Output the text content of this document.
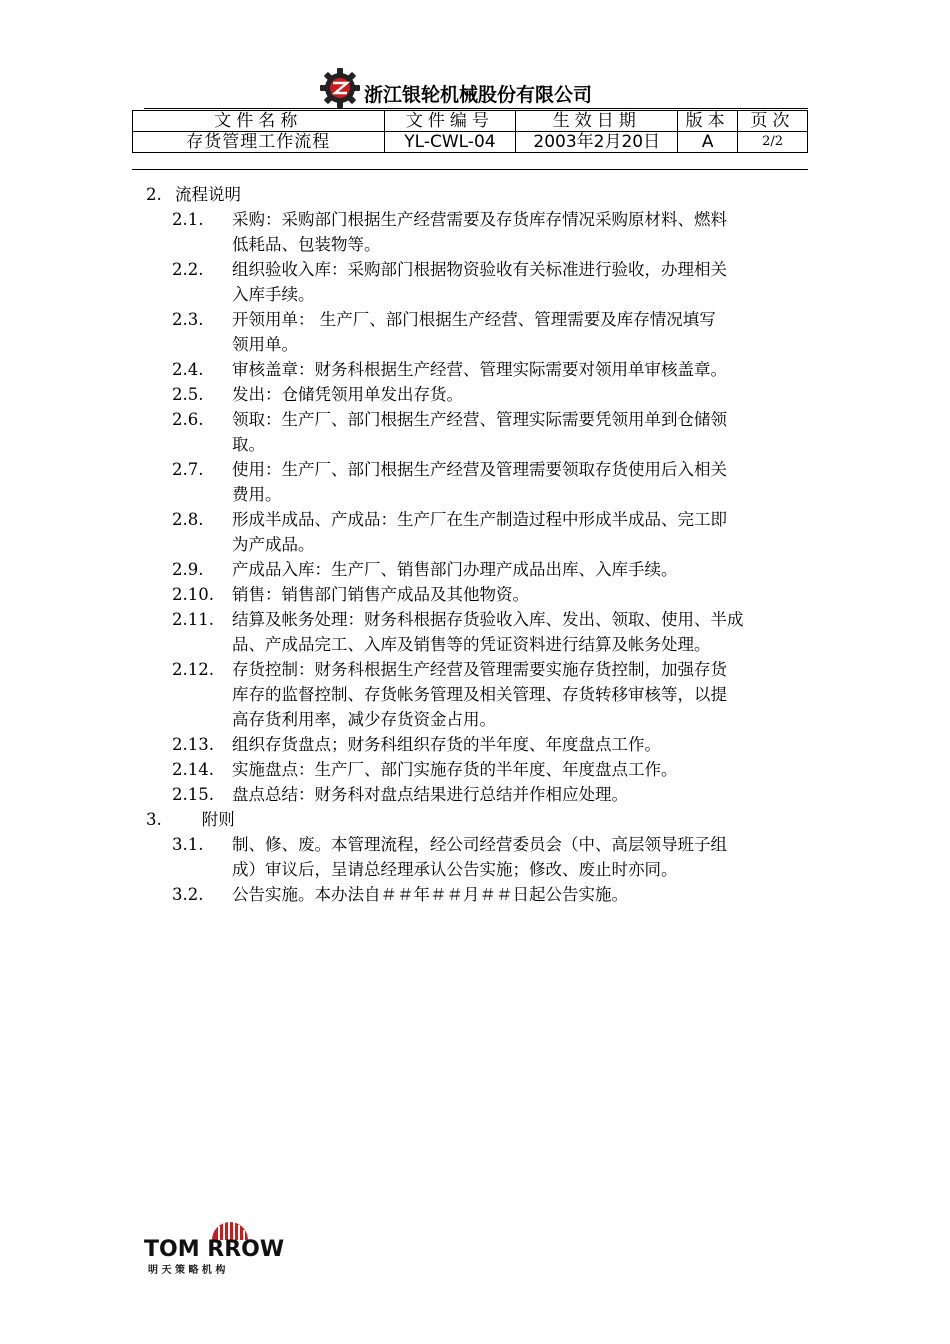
浙江银轮机械股份有限公司
文件名称	文件编号	生效日期	版本	页次
存货管理工作流程	YL-CWL-04	2003年2月20日	A	2/2
2. 流程说明
2.1. 采购：采购部门根据生产经营需要及存货库存情况采购原材料、燃料
低耗品、包装物等。
2.2. 组织验收入库：采购部门根据物资验收有关标准进行验收，办理相关
入库手续。
2.3. 开领用单： 生产厂、部门根据生产经营、管理需要及库存情况填写
领用单。
2.4. 审核盖章：财务科根据生产经营、管理实际需要对领用单审核盖章。
2.5. 发出：仓储凭领用单发出存货。
2.6. 领取：生产厂、部门根据生产经营、管理实际需要凭领用单到仓储领
取。
2.7. 使用：生产厂、部门根据生产经营及管理需要领取存货使用后入相关
费用。
2.8. 形成半成品、产成品：生产厂在生产制造过程中形成半成品、完工即
为产成品。
2.9. 产成品入库：生产厂、销售部门办理产成品出库、入库手续。
2.10. 销售：销售部门销售产成品及其他物资。
2.11. 结算及帐务处理：财务科根据存货验收入库、发出、领取、使用、半成
品、产成品完工、入库及销售等的凭证资料进行结算及帐务处理。
2.12. 存货控制：财务科根据生产经营及管理需要实施存货控制，加强存货
库存的监督控制、存货帐务管理及相关管理、存货转移审核等，以提
高存货利用率，减少存货资金占用。
2.13. 组织存货盘点；财务科组织存货的半年度、年度盘点工作。
2.14. 实施盘点：生产厂、部门实施存货的半年度、年度盘点工作。
2.15. 盘点总结：财务科对盘点结果进行总结并作相应处理。
3. 附则
3.1. 制、修、废。本管理流程，经公司经营委员会（中、高层领导班子组
成）审议后，呈请总经理承认公告实施；修改、废止时亦同。
3.2. 公告实施。本办法自＃＃年＃＃月＃＃日起公告实施。
TOM RROW
明 天 策 略 机 构
